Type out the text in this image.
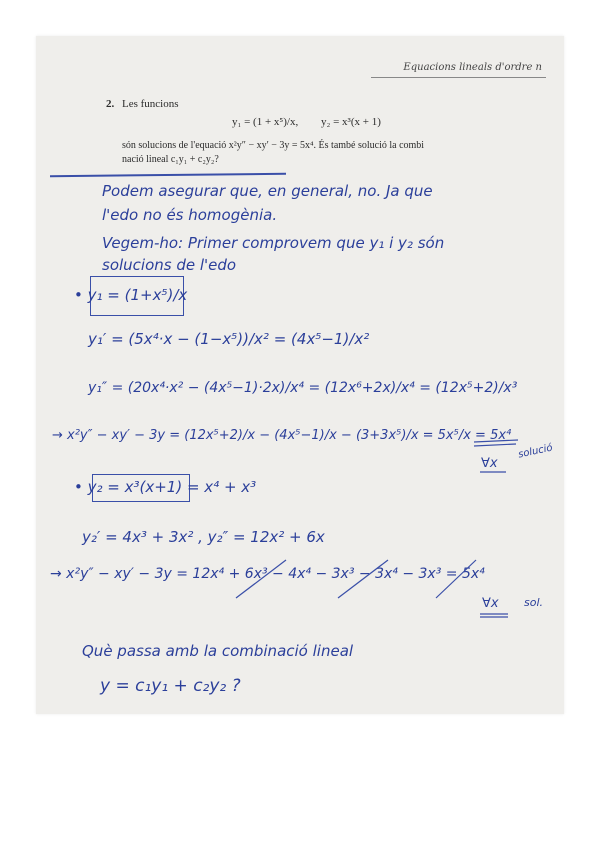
Equacions lineals d'ordre n
2. Les funcions
y₁ = (1 + x⁵)/x, y₂ = x³(x + 1)
són solucions de l'equació x²y″ − xy′ − 3y = 5x⁴. És també solució la combi
nació lineal c₁y₁ + c₂y₂?
Podem asegurar que, en general, no. Ja que
l'edo no és homogènia.
Vegem-ho: Primer comprovem que y₁ i y₂ són
solucions de l'edo
• y₁ = (1+x⁵)/x
y₁′ = (5x⁴·x − (1−x⁵))/x² = (4x⁵−1)/x²
y₁″ = (20x⁴·x² − (4x⁵−1)·2x)/x⁴ = (12x⁶+2x)/x⁴ = (12x⁵+2)/x³
→ x²y″ − xy′ − 3y = (12x⁵+2)/x − (4x⁵−1)/x − (3+3x⁵)/x = 5x⁵/x = 5x⁴
∀x
solució
• y₂ = x³(x+1) = x⁴ + x³
y₂′ = 4x³ + 3x² , y₂″ = 12x² + 6x
→ x²y″ − xy′ − 3y = 12x⁴ + 6x³ − 4x⁴ − 3x³ − 3x⁴ − 3x³ = 5x⁴
∀x sol.
Què passa amb la combinació lineal
y = c₁y₁ + c₂y₂ ?
